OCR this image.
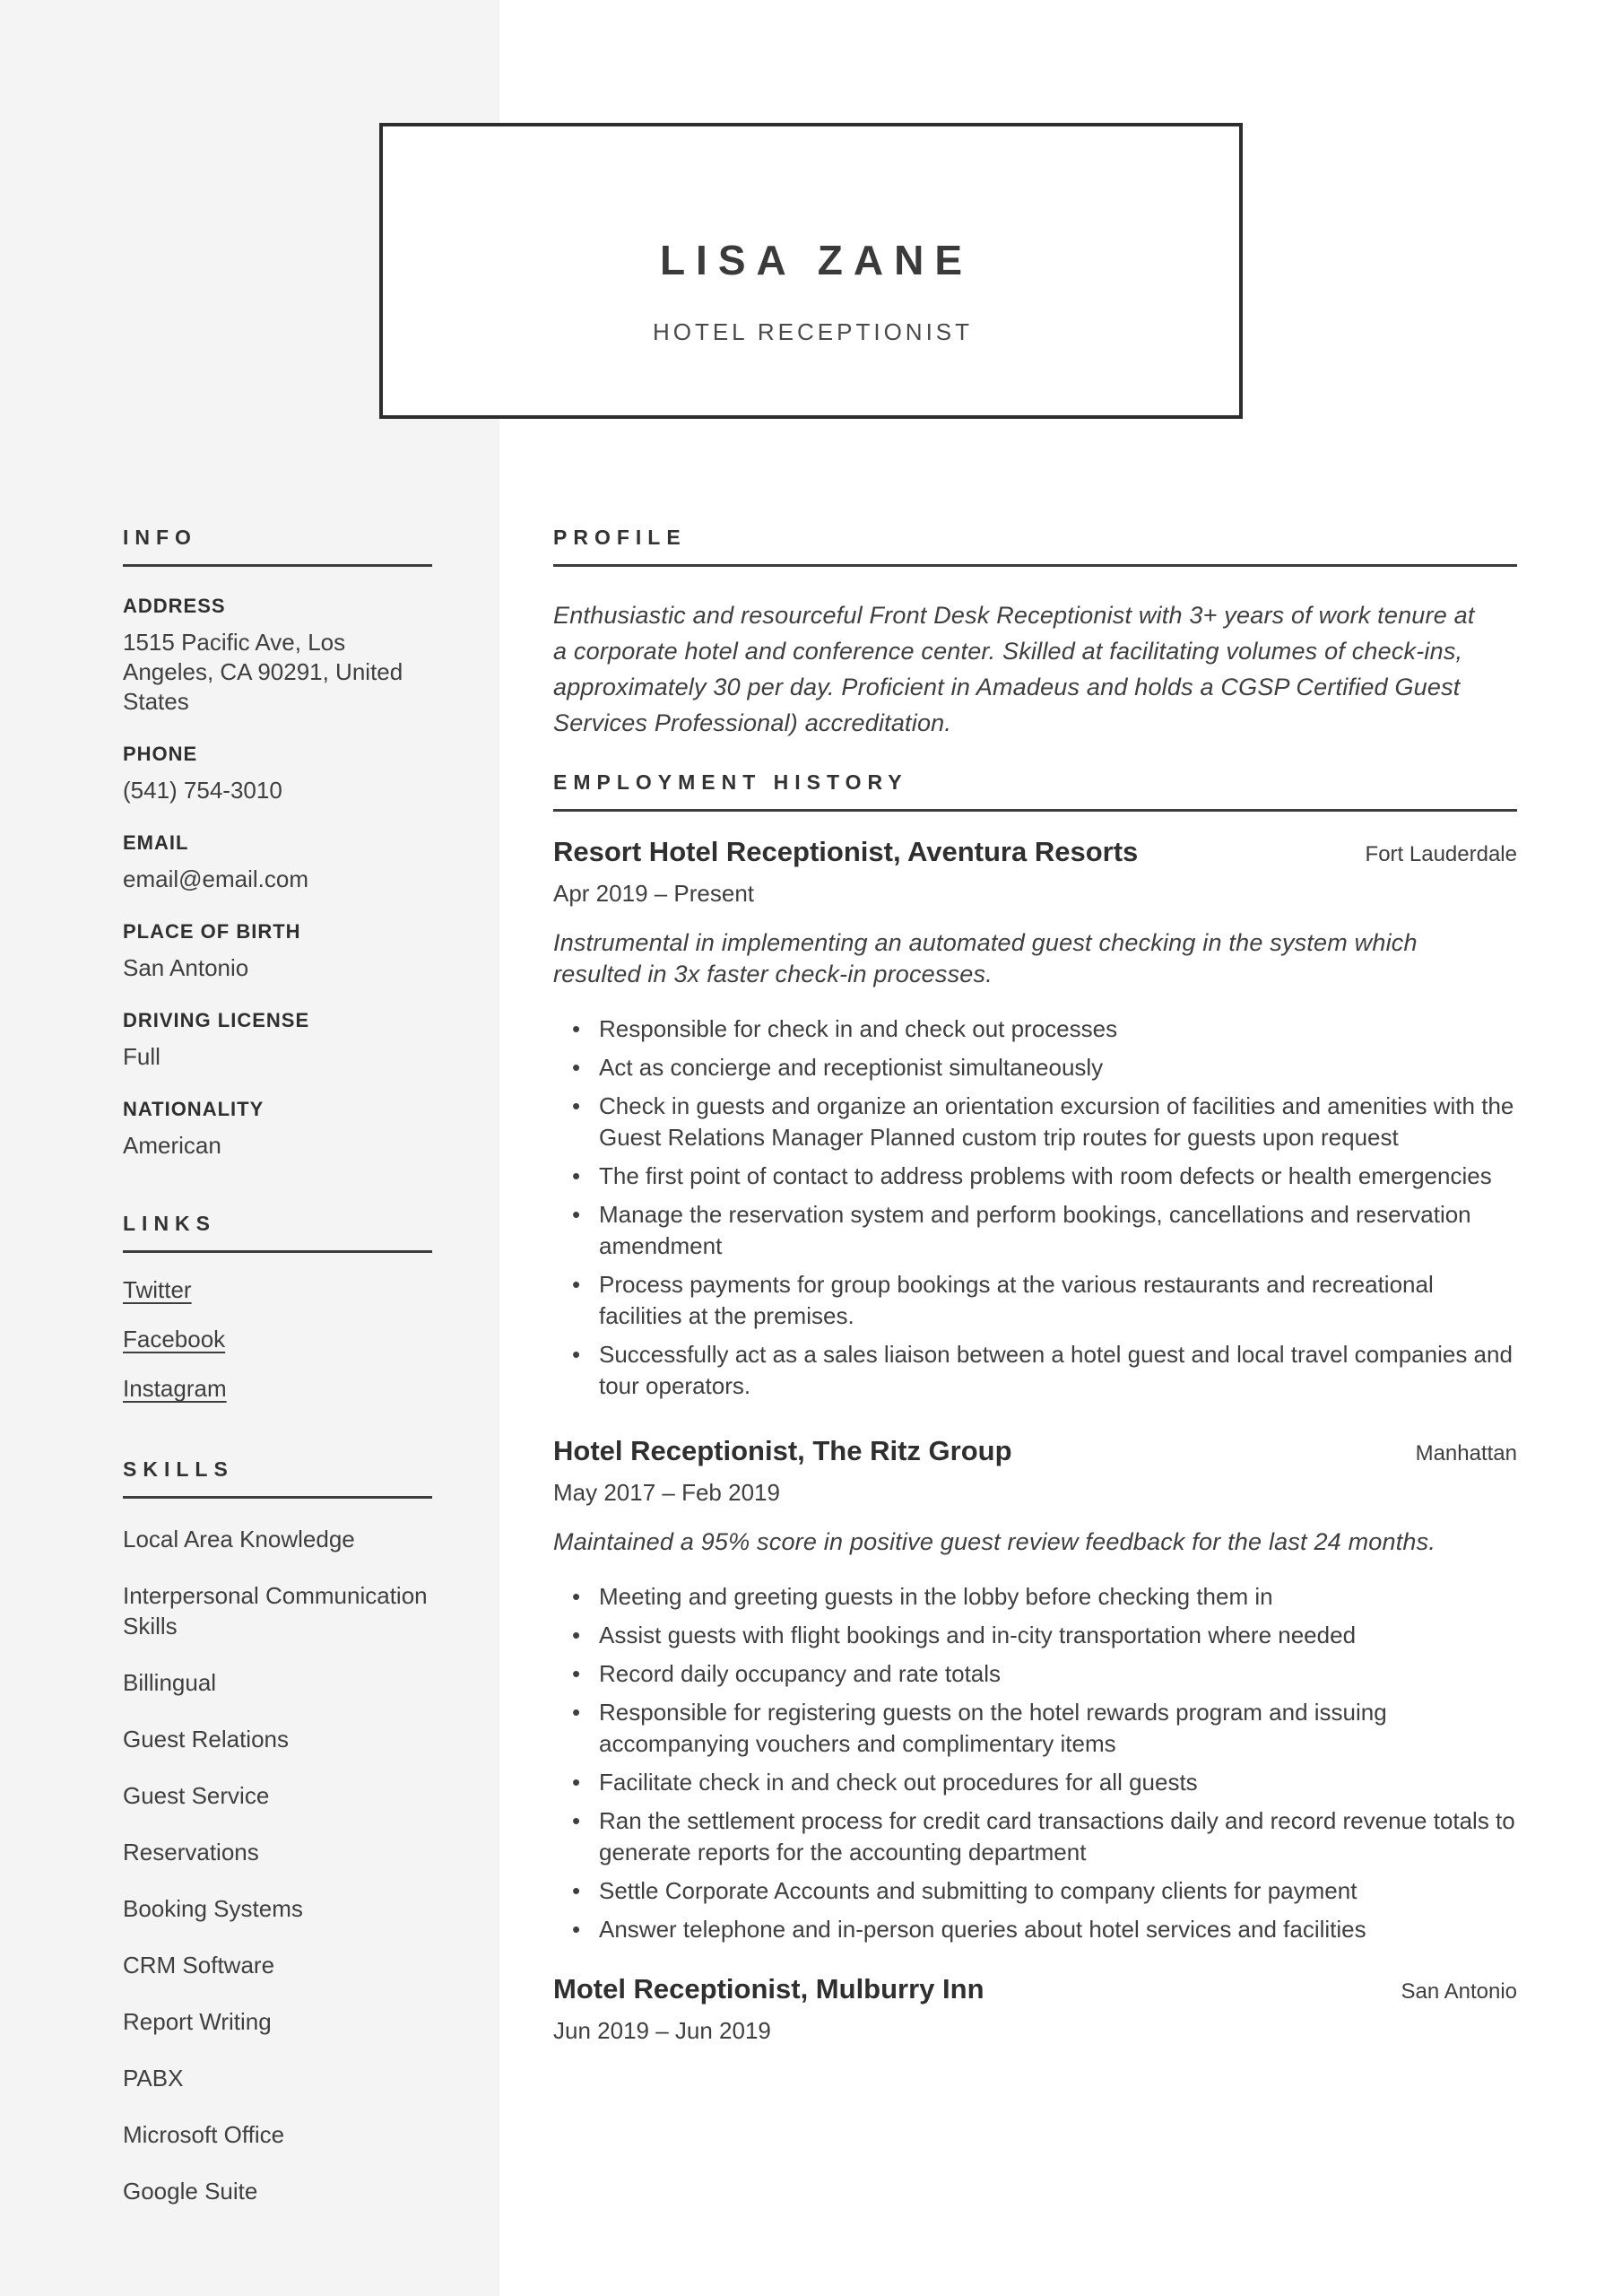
LISA ZANE
HOTEL RECEPTIONIST
INFO
ADDRESS
1515 Pacific Ave, Los Angeles, CA 90291, United States
PHONE
(541) 754-3010
EMAIL
email@email.com
PLACE OF BIRTH
San Antonio
DRIVING LICENSE
Full
NATIONALITY
American
LINKS
Twitter
Facebook
Instagram
SKILLS
Local Area Knowledge
Interpersonal Communication Skills
Billingual
Guest Relations
Guest Service
Reservations
Booking Systems
CRM Software
Report Writing
PABX
Microsoft Office
Google Suite
PROFILE
Enthusiastic and resourceful Front Desk Receptionist with 3+ years of work tenure at a corporate hotel and conference center. Skilled at facilitating volumes of check-ins, approximately 30 per day. Proficient in Amadeus and holds a CGSP Certified Guest Services Professional) accreditation.
EMPLOYMENT HISTORY
Resort Hotel Receptionist, Aventura Resorts	Fort Lauderdale
Apr 2019 – Present
Instrumental in implementing an automated guest checking in the system which resulted in 3x faster check-in processes.
• Responsible for check in and check out processes
• Act as concierge and receptionist simultaneously
• Check in guests and organize an orientation excursion of facilities and amenities with the Guest Relations Manager Planned custom trip routes for guests upon request
• The first point of contact to address problems with room defects or health emergencies
• Manage the reservation system and perform bookings, cancellations and reservation amendment
• Process payments for group bookings at the various restaurants and recreational facilities at the premises.
• Successfully act as a sales liaison between a hotel guest and local travel companies and tour operators.
Hotel Receptionist, The Ritz Group	Manhattan
May 2017 – Feb 2019
Maintained a 95% score in positive guest review feedback for the last 24 months.
• Meeting and greeting guests in the lobby before checking them in
• Assist guests with flight bookings and in-city transportation where needed
• Record daily occupancy and rate totals
• Responsible for registering guests on the hotel rewards program and issuing accompanying vouchers and complimentary items
• Facilitate check in and check out procedures for all guests
• Ran the settlement process for credit card transactions daily and record revenue totals to generate reports for the accounting department
• Settle Corporate Accounts and submitting to company clients for payment
• Answer telephone and in-person queries about hotel services and facilities
Motel Receptionist, Mulburry Inn	San Antonio
Jun 2019 – Jun 2019
